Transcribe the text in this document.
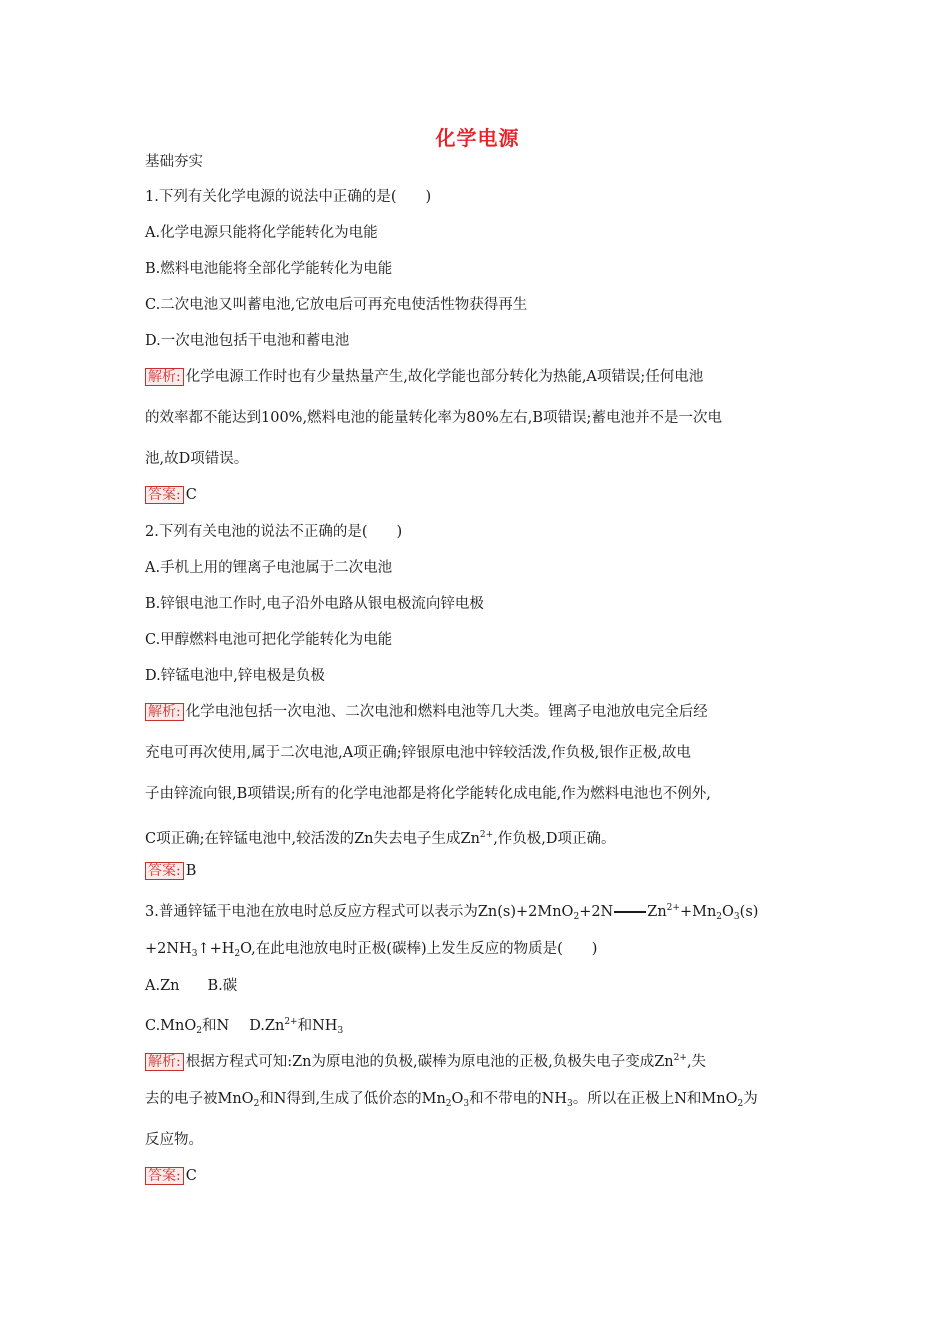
化学电源
基础夯实
1.下列有关化学电源的说法中正确的是(　　)
A.化学电源只能将化学能转化为电能
B.燃料电池能将全部化学能转化为电能
C.二次电池又叫蓄电池,它放电后可再充电使活性物获得再生
D.一次电池包括干电池和蓄电池
解析: 化学电源工作时也有少量热量产生,故化学能也部分转化为热能,A项错误;任何电池
的效率都不能达到100%,燃料电池的能量转化率为80%左右,B项错误;蓄电池并不是一次电
池,故D项错误。
答案: C
2.下列有关电池的说法不正确的是(　　)
A.手机上用的锂离子电池属于二次电池
B.锌银电池工作时,电子沿外电路从银电极流向锌电极
C.甲醇燃料电池可把化学能转化为电能
D.锌锰电池中,锌电极是负极
解析: 化学电池包括一次电池、二次电池和燃料电池等几大类。锂离子电池放电完全后经
充电可再次使用,属于二次电池,A项正确;锌银原电池中锌较活泼,作负极,银作正极,故电
子由锌流向银,B项错误;所有的化学电池都是将化学能转化成电能,作为燃料电池也不例外,
C项正确;在锌锰电池中,较活泼的Zn失去电子生成$Zn^{2+}$,作负极,D项正确。
答案: B
3.普通锌锰干电池在放电时总反应方程式可以表示为Zn(s)+2MnO$_2$+2N $Zn^{2+}+Mn_2O_3(s)$
$+2NH_3↑+H_2O$,在此电池放电时正极(碳棒)上发生反应的物质是(　　)
A.Zn B.碳
C.MnO$_2$和N $D.Zn^{2+}$和$NH_3$
解析: 根据方程式可知:Zn为原电池的负极,碳棒为原电池的正极,负极失电子变成$Zn^{2+}$,失
去的电子被MnO$_2$和N得到,生成了低价态的$Mn_2O_3$和不带电的$NH_3$。所以在正极上N和MnO$_2$为
反应物。
答案: C
